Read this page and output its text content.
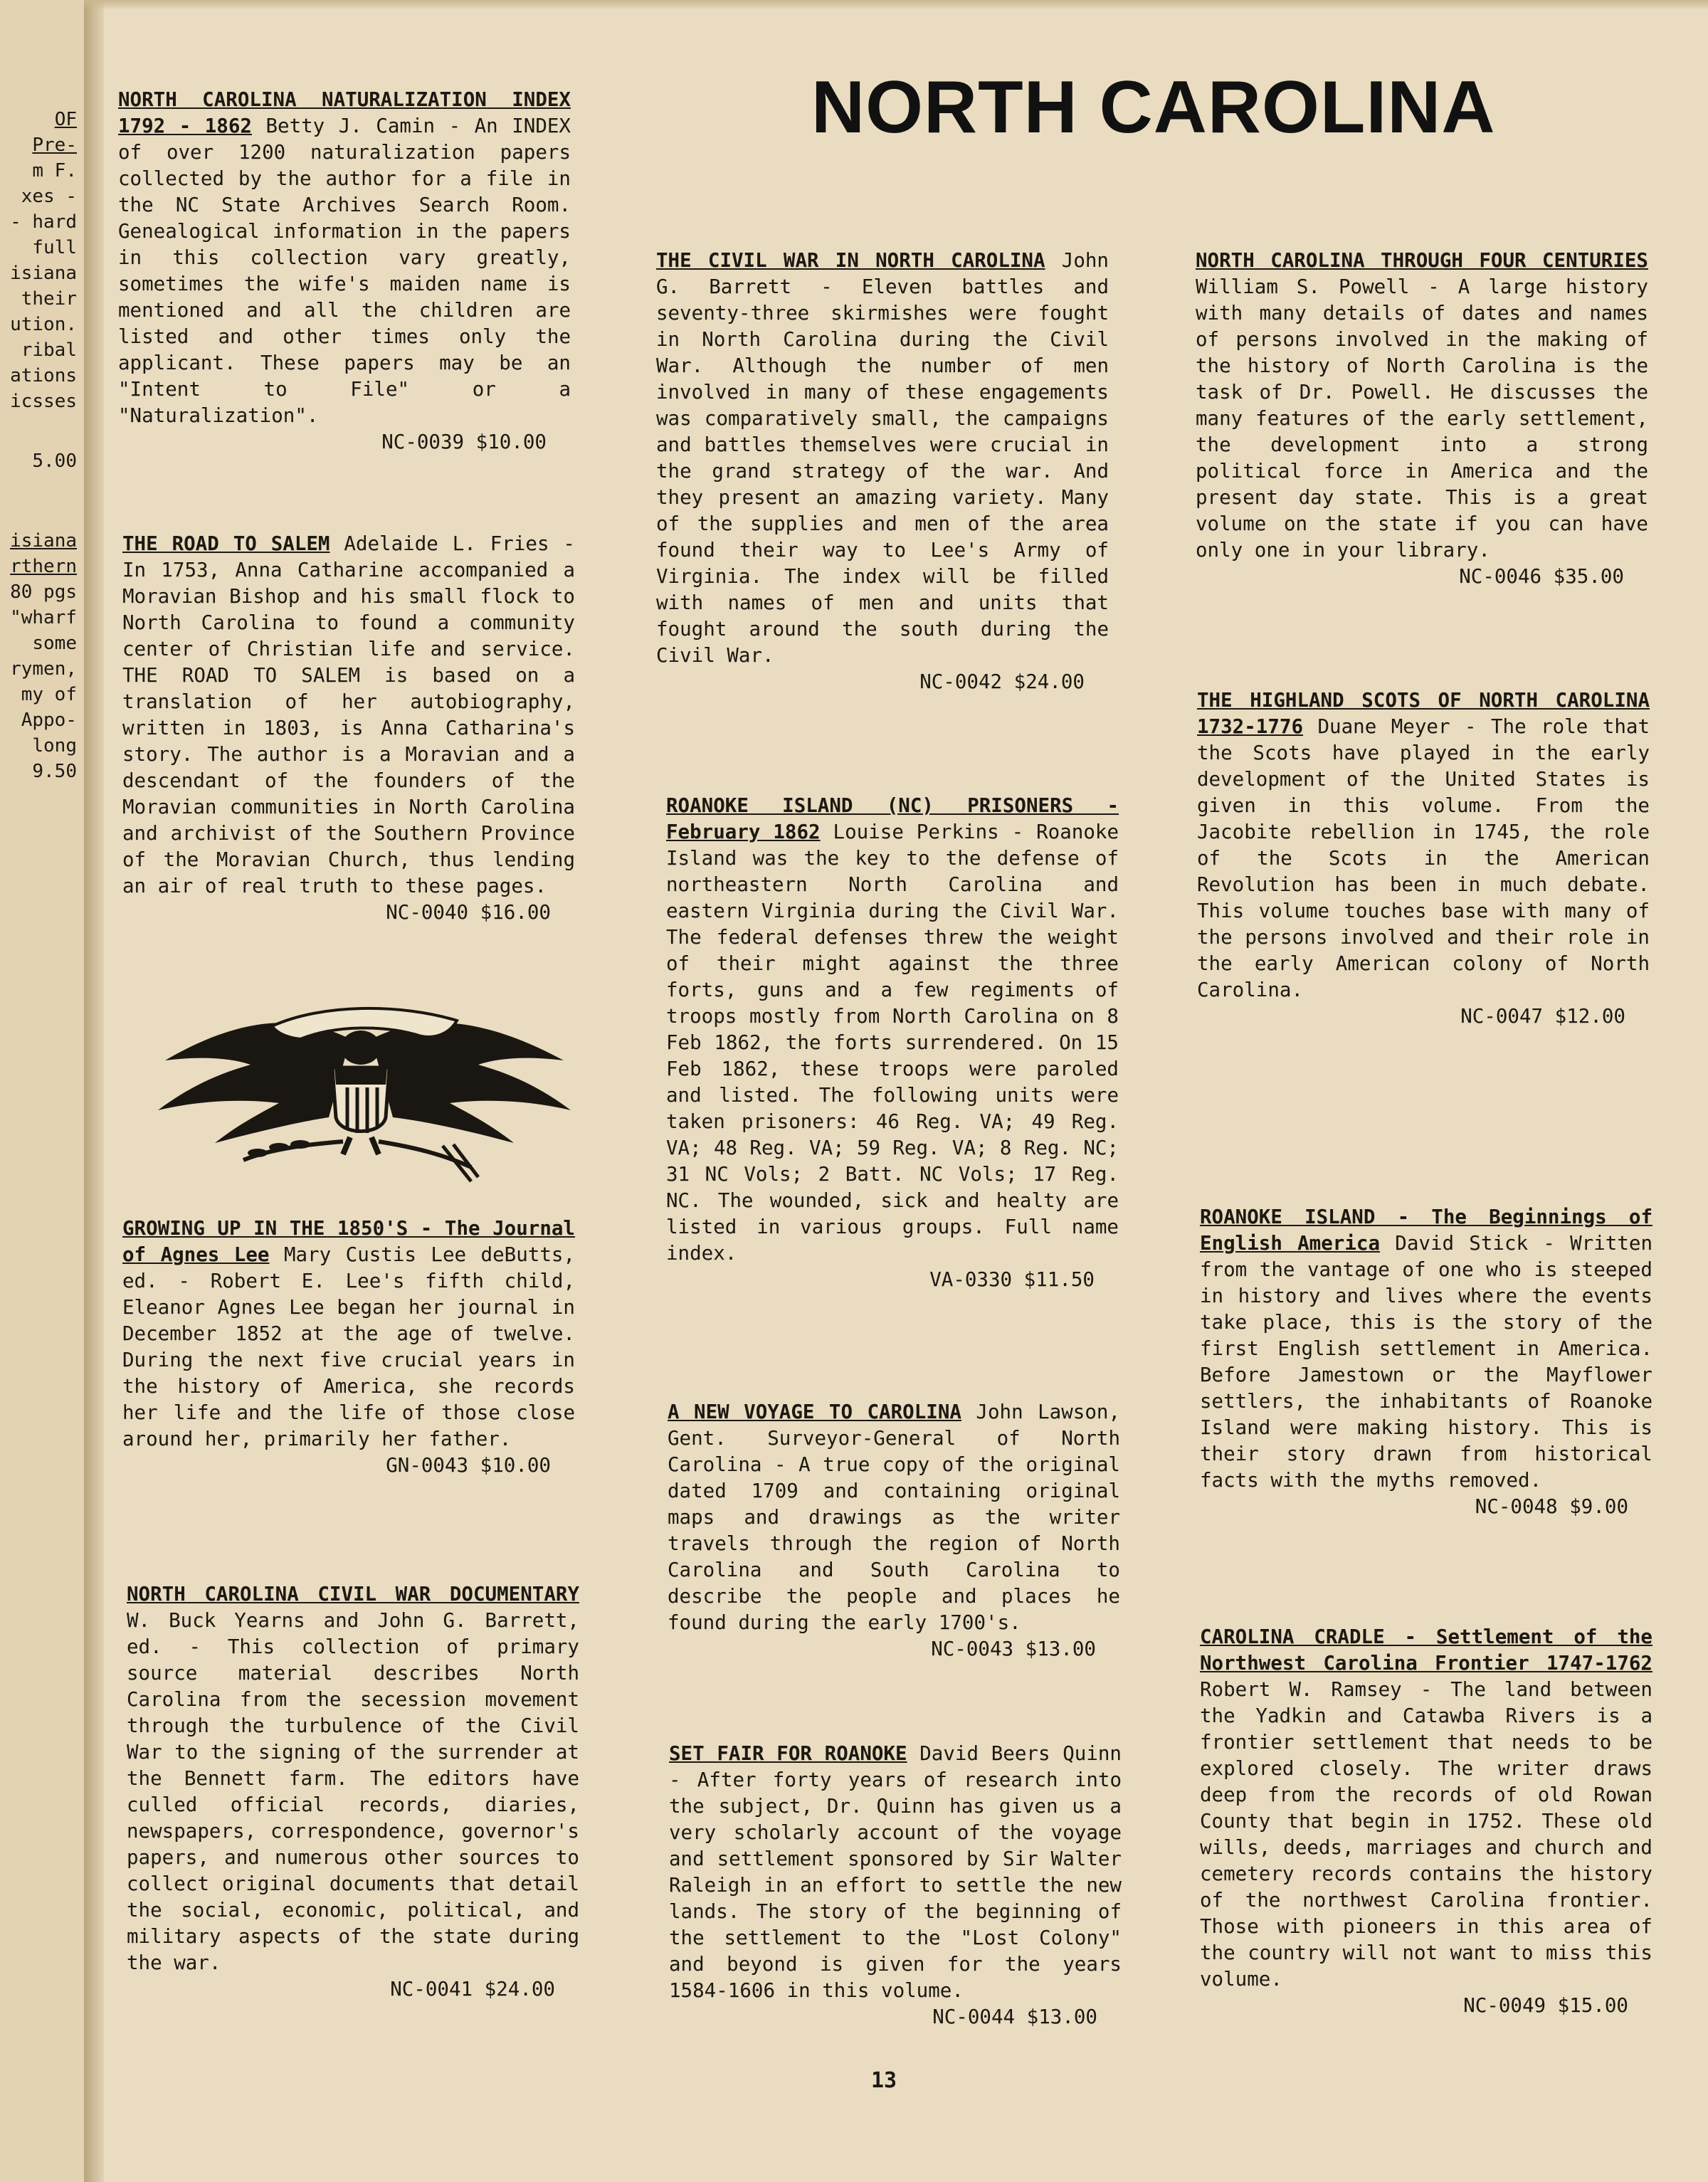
OF
Pre-
m F.
xes -
- hard
full
isiana
their
ution.
ribal
ations
icsses
5.00
isiana
rthern
80 pgs
"wharf
some
rymen,
my of
Appo-
long
9.50
NORTH CAROLINA
NORTH CAROLINA NATURALIZATION INDEX 1792 - 1862 Betty J. Camin - An INDEX of over 1200 naturalization papers collected by the author for a file in the NC State Archives Search Room. Genealogical information in the papers in this collection vary greatly, sometimes the wife's maiden name is mentioned and all the children are listed and other times only the applicant. These papers may be an "Intent to File" or a "Naturalization".
NC-0039 $10.00
THE ROAD TO SALEM Adelaide L. Fries - In 1753, Anna Catharine accompanied a Moravian Bishop and his small flock to North Carolina to found a community center of Christian life and service. THE ROAD TO SALEM is based on a translation of her autobiography, written in 1803, is Anna Catharina's story. The author is a Moravian and a descendant of the founders of the Moravian communities in North Carolina and archivist of the Southern Province of the Moravian Church, thus lending an air of real truth to these pages.
NC-0040 $16.00
GROWING UP IN THE 1850'S - The Journal of Agnes Lee Mary Custis Lee deButts, ed. - Robert E. Lee's fifth child, Eleanor Agnes Lee began her journal in December 1852 at the age of twelve. During the next five crucial years in the history of America, she records her life and the life of those close around her, primarily her father.
GN-0043 $10.00
NORTH CAROLINA CIVIL WAR DOCUMENTARY W. Buck Yearns and John G. Barrett, ed. - This collection of primary source material describes North Carolina from the secession movement through the turbulence of the Civil War to the signing of the surrender at the Bennett farm. The editors have culled official records, diaries, newspapers, correspondence, governor's papers, and numerous other sources to collect original documents that detail the social, economic, political, and military aspects of the state during the war.
NC-0041 $24.00
THE CIVIL WAR IN NORTH CAROLINA John G. Barrett - Eleven battles and seventy-three skirmishes were fought in North Carolina during the Civil War. Although the number of men involved in many of these engagements was comparatively small, the campaigns and battles themselves were crucial in the grand strategy of the war. And they present an amazing variety. Many of the supplies and men of the area found their way to Lee's Army of Virginia. The index will be filled with names of men and units that fought around the south during the Civil War.
NC-0042 $24.00
ROANOKE ISLAND (NC) PRISONERS - February 1862 Louise Perkins - Roanoke Island was the key to the defense of northeastern North Carolina and eastern Virginia during the Civil War. The federal defenses threw the weight of their might against the three forts, guns and a few regiments of troops mostly from North Carolina on 8 Feb 1862, the forts surrendered. On 15 Feb 1862, these troops were paroled and listed. The following units were taken prisoners: 46 Reg. VA; 49 Reg. VA; 48 Reg. VA; 59 Reg. VA; 8 Reg. NC; 31 NC Vols; 2 Batt. NC Vols; 17 Reg. NC. The wounded, sick and healty are listed in various groups. Full name index.
VA-0330 $11.50
A NEW VOYAGE TO CAROLINA John Lawson, Gent. Surveyor-General of North Carolina - A true copy of the original dated 1709 and containing original maps and drawings as the writer travels through the region of North Carolina and South Carolina to describe the people and places he found during the early 1700's.
NC-0043 $13.00
SET FAIR FOR ROANOKE David Beers Quinn - After forty years of research into the subject, Dr. Quinn has given us a very scholarly account of the voyage and settlement sponsored by Sir Walter Raleigh in an effort to settle the new lands. The story of the beginning of the settlement to the "Lost Colony" and beyond is given for the years 1584-1606 in this volume.
NC-0044 $13.00
NORTH CAROLINA THROUGH FOUR CENTURIES William S. Powell - A large history with many details of dates and names of persons involved in the making of the history of North Carolina is the task of Dr. Powell. He discusses the many features of the early settlement, the development into a strong political force in America and the present day state. This is a great volume on the state if you can have only one in your library.
NC-0046 $35.00
THE HIGHLAND SCOTS OF NORTH CAROLINA 1732-1776 Duane Meyer - The role that the Scots have played in the early development of the United States is given in this volume. From the Jacobite rebellion in 1745, the role of the Scots in the American Revolution has been in much debate. This volume touches base with many of the persons involved and their role in the early American colony of North Carolina.
NC-0047 $12.00
ROANOKE ISLAND - The Beginnings of English America David Stick - Written from the vantage of one who is steeped in history and lives where the events take place, this is the story of the first English settlement in America. Before Jamestown or the Mayflower settlers, the inhabitants of Roanoke Island were making history. This is their story drawn from historical facts with the myths removed.
NC-0048 $9.00
CAROLINA CRADLE - Settlement of the Northwest Carolina Frontier 1747-1762 Robert W. Ramsey - The land between the Yadkin and Catawba Rivers is a frontier settlement that needs to be explored closely. The writer draws deep from the records of old Rowan County that begin in 1752. These old wills, deeds, marriages and church and cemetery records contains the history of the northwest Carolina frontier. Those with pioneers in this area of the country will not want to miss this volume.
NC-0049 $15.00
13
